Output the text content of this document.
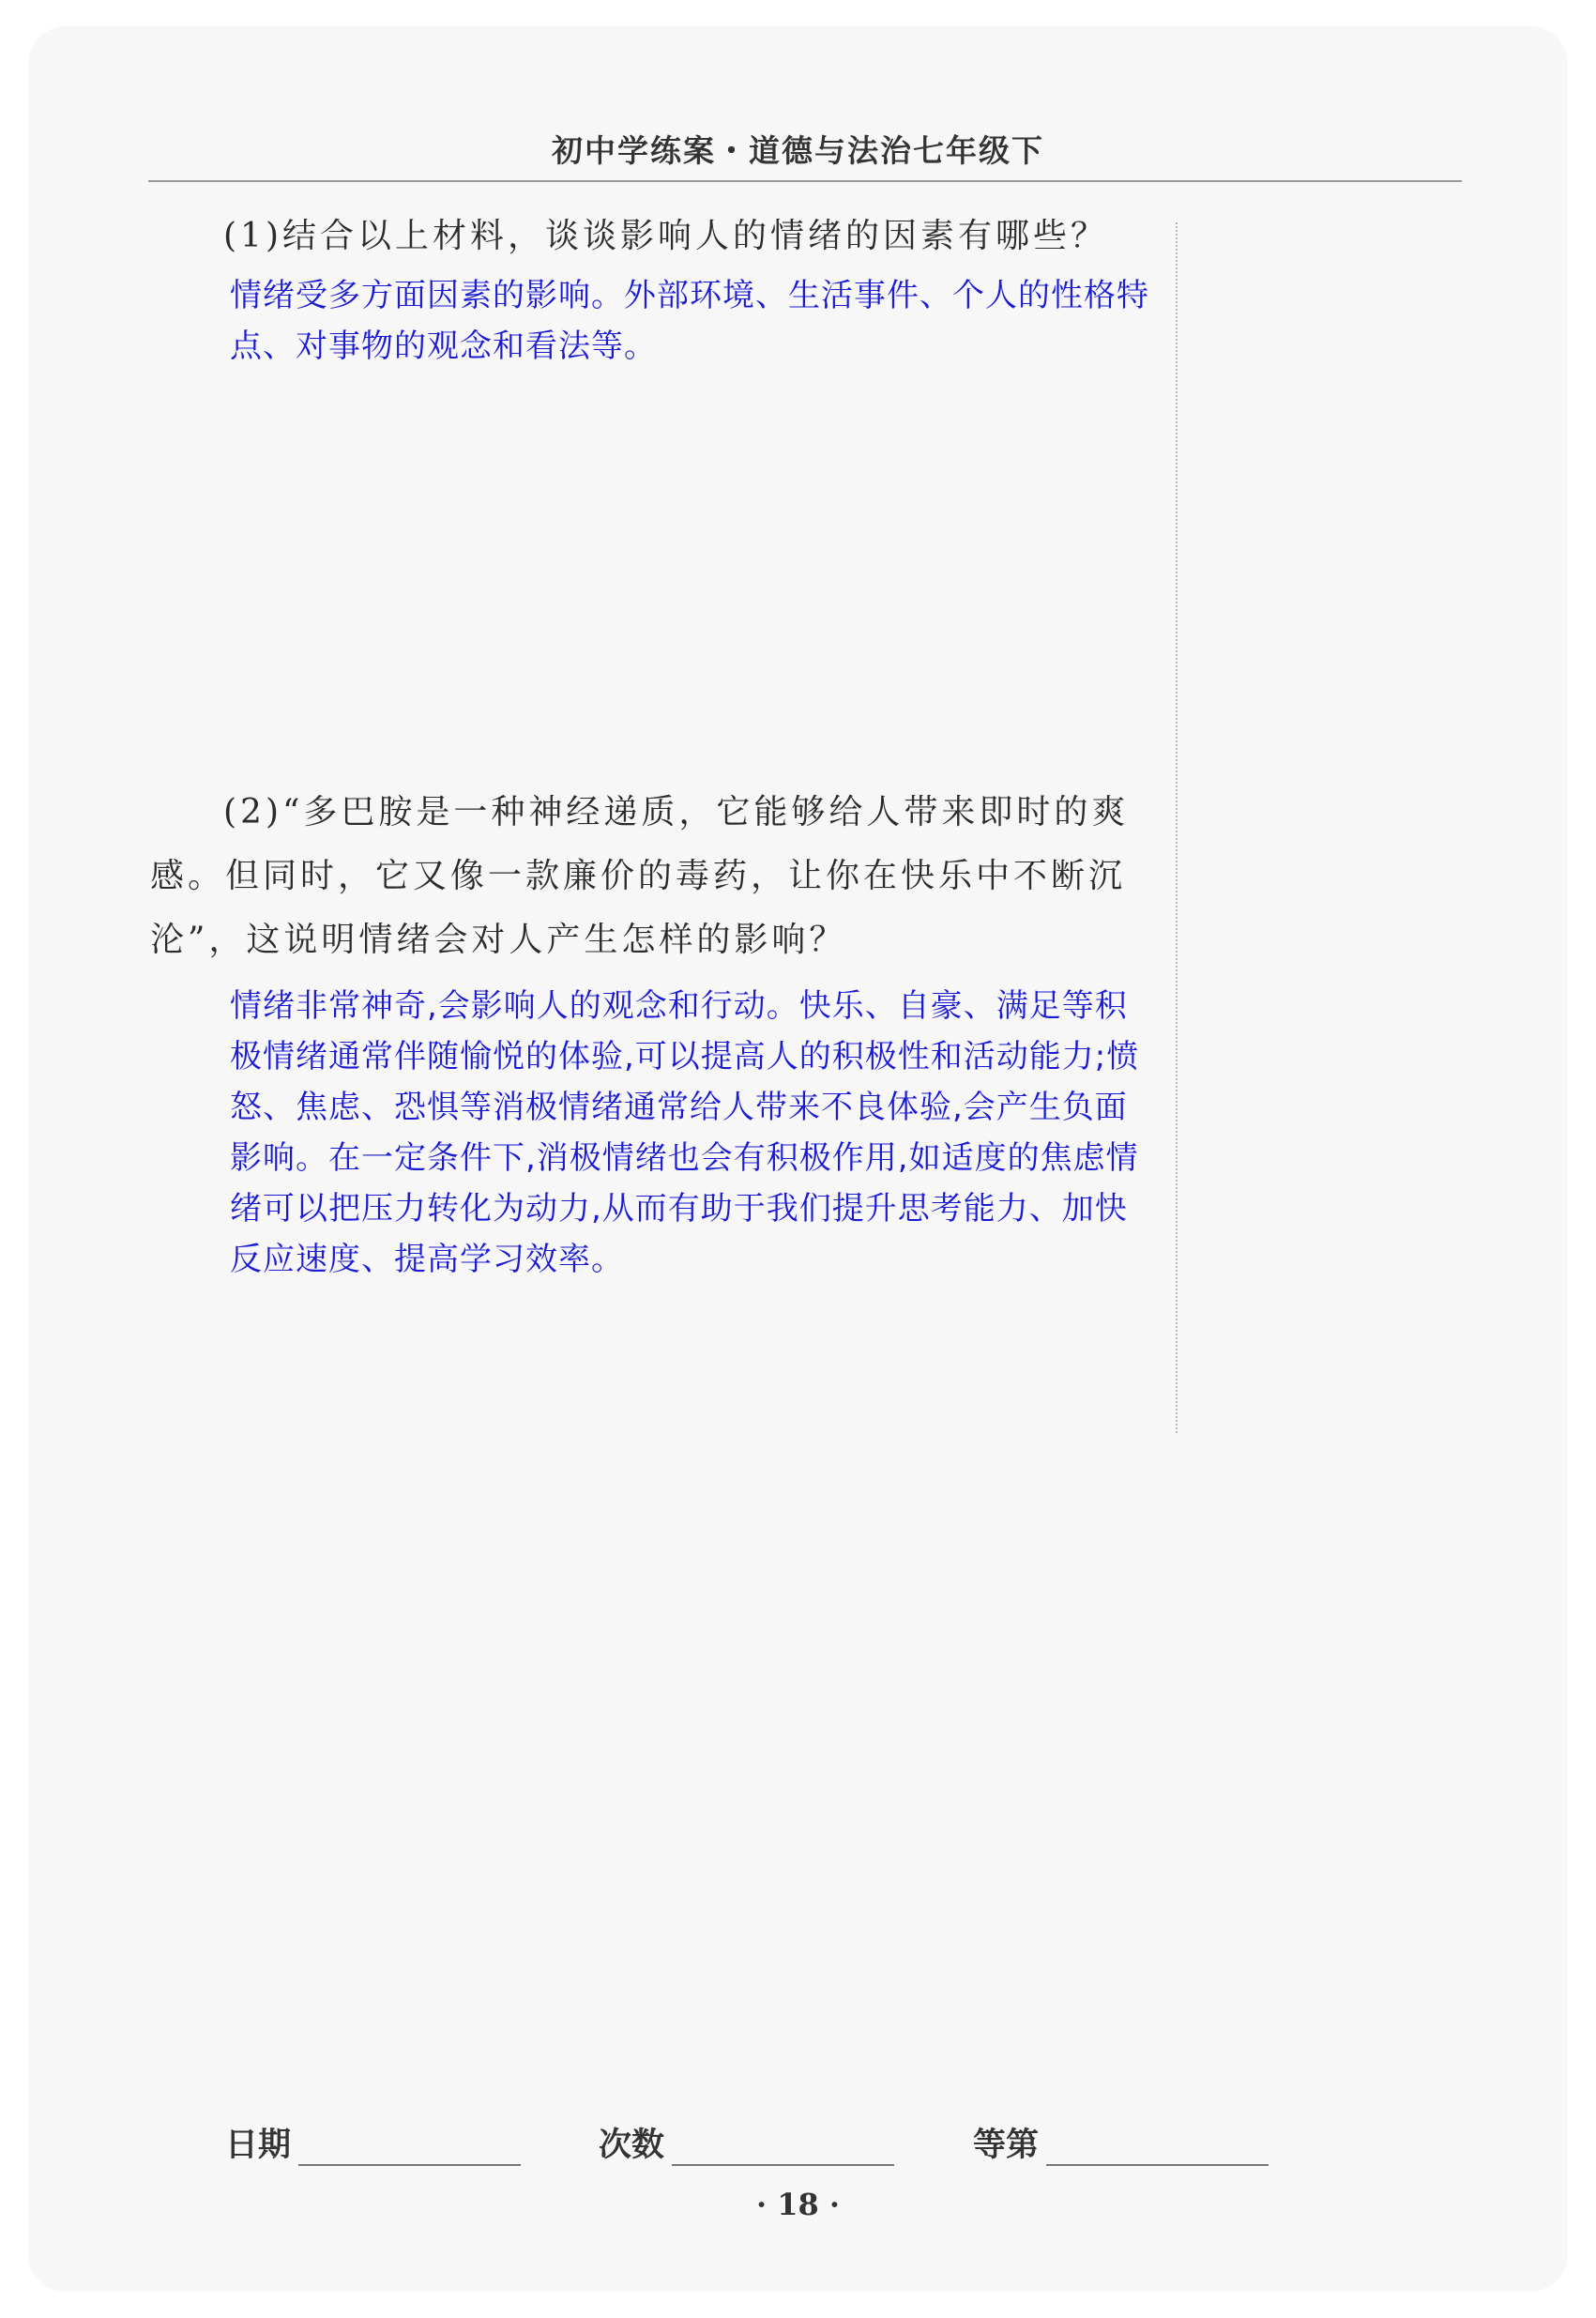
初中学练案・道德与法治七年级下
(1)结合以上材料，谈谈影响人的情绪的因素有哪些？
情绪受多方面因素的影响。外部环境、生活事件、个人的性格特点、对事物的观念和看法等。
(2)“多巴胺是一种神经递质，它能够给人带来即时的爽感。但同时，它又像一款廉价的毒药，让你在快乐中不断沉沦”，这说明情绪会对人产生怎样的影响？
情绪非常神奇,会影响人的观念和行动。快乐、自豪、满足等积极情绪通常伴随愉悦的体验,可以提高人的积极性和活动能力;愤怒、焦虑、恐惧等消极情绪通常给人带来不良体验,会产生负面影响。在一定条件下,消极情绪也会有积极作用,如适度的焦虑情绪可以把压力转化为动力,从而有助于我们提升思考能力、加快反应速度、提高学习效率。
日期	次数	等第
· 18 ·
